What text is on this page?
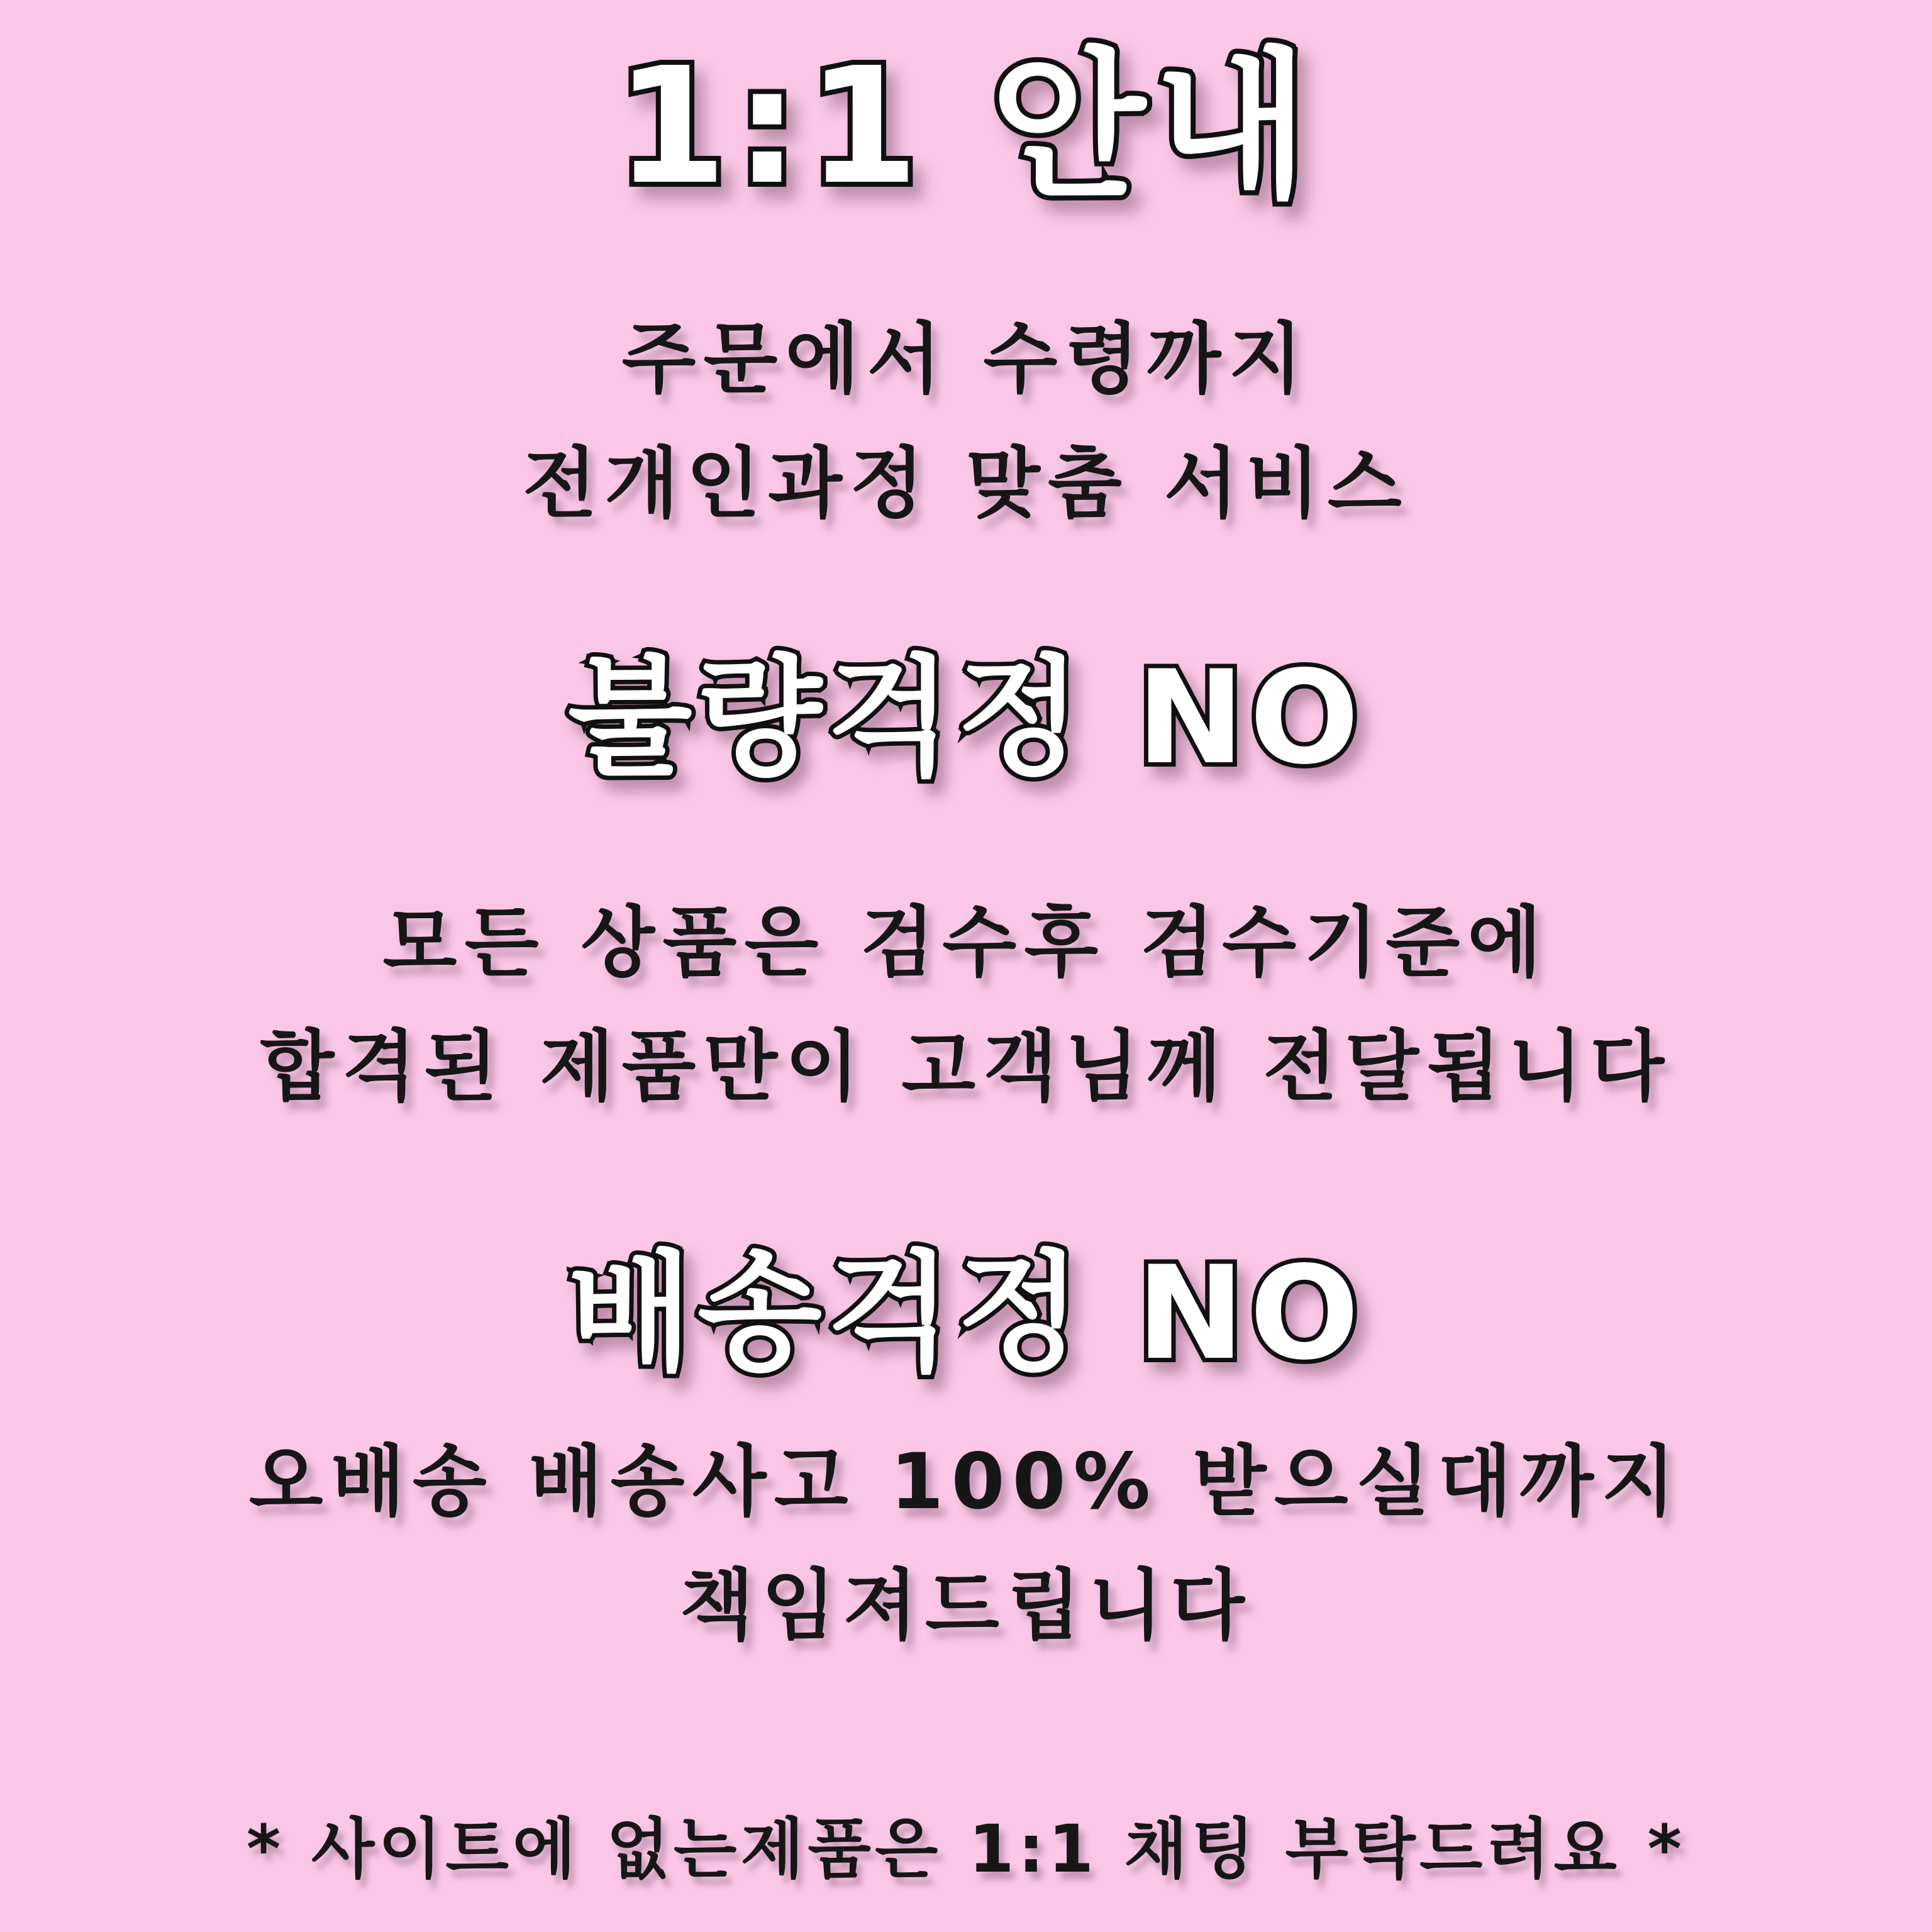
1:1 안내
주문에서 수령까지
전개인과정 맞춤 서비스
불량걱정 NO
모든 상품은 검수후 검수기준에
합격된 제품만이 고객님께 전달됩니다
배송걱정 NO
오배송 배송사고 100% 받으실대까지
책임져드립니다
* 사이트에 없는제품은 1:1 채팅 부탁드려요 *
